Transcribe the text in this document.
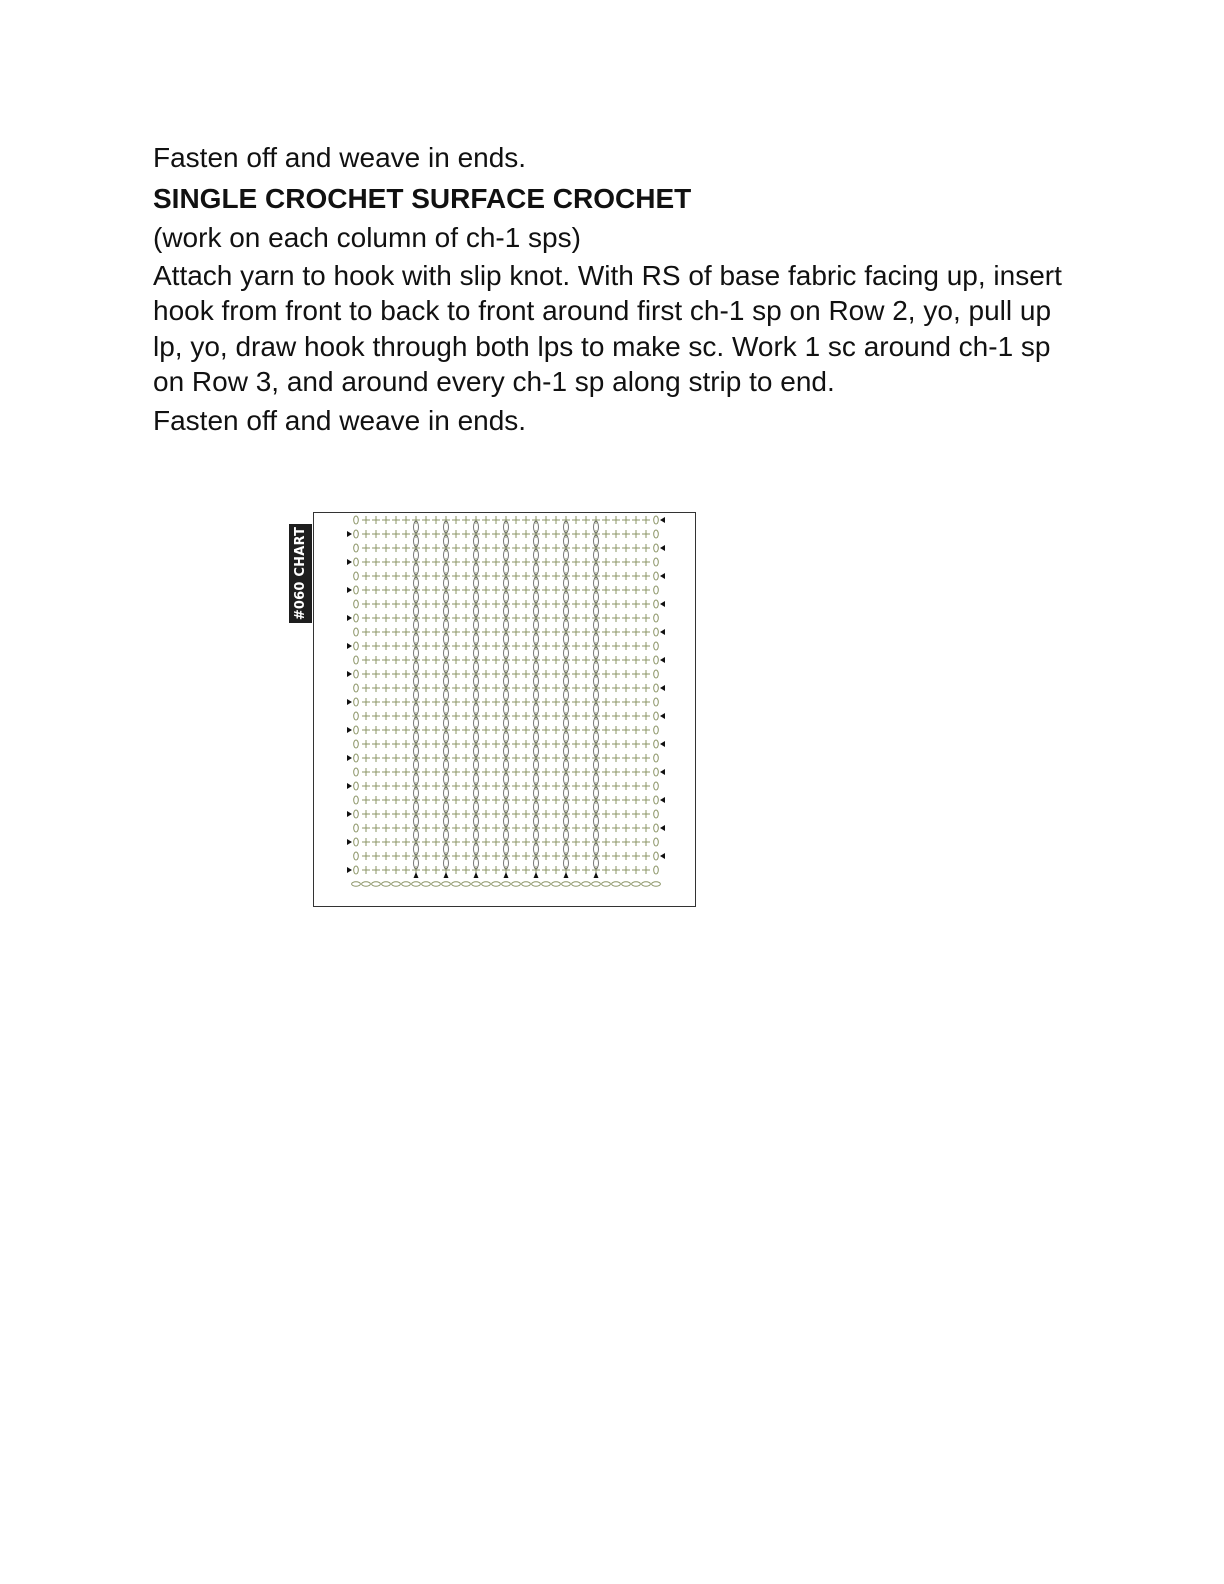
Fasten off and weave in ends.

SINGLE CROCHET SURFACE CROCHET

(work on each column of ch-1 sps)

Attach yarn to hook with slip knot. With RS of base fabric facing up, insert hook from front to back to front around first ch-1 sp on Row 2, yo, pull up lp, yo, draw hook through both lps to make sc. Work 1 sc around ch-1 sp on Row 3, and around every ch-1 sp along strip to end.

Fasten off and weave in ends.

#060 CHART
